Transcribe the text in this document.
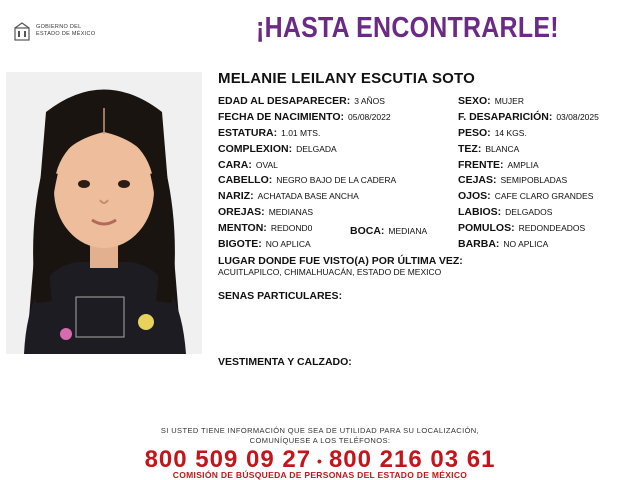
GOBIERNO DEL
ESTADO DE MÉXICO	¡HASTA ENCONTRARLE!
MELANIE LEILANY ESCUTIA SOTO
EDAD AL DESAPARECER: 3 AÑOS
FECHA DE NACIMIENTO: 05/08/2022
ESTATURA: 1.01 MTS.
COMPLEXION: DELGADA
CARA: OVAL
CABELLO: NEGRO BAJO DE LA CADERA
NARIZ: ACHATADA BASE ANCHA
OREJAS: MEDIANAS
MENTON: REDOND0
BIGOTE: NO APLICA
BOCA: MEDIANA
SEXO: MUJER
F. DESAPARICIÓN: 03/08/2025
PESO: 14 KGS.
TEZ: BLANCA
FRENTE: AMPLIA
CEJAS: SEMIPOBLADAS
OJOS: CAFE CLARO GRANDES
LABIOS: DELGADOS
POMULOS: REDONDEADOS
BARBA: NO APLICA
LUGAR DONDE FUE VISTO(A) POR ÚLTIMA VEZ:
ACUITLAPILCO, CHIMALHUACÁN, ESTADO DE MEXICO
SENAS PARTICULARES:
VESTIMENTA Y CALZADO:
SI USTED TIENE INFORMACIÓN QUE SEA DE UTILIDAD PARA SU LOCALIZACIÓN,
COMUNÍQUESE A LOS TELÉFONOS:
800 509 09 27 • 800 216 03 61
COMISIÓN DE BÚSQUEDA DE PERSONAS DEL ESTADO DE MÉXICO
